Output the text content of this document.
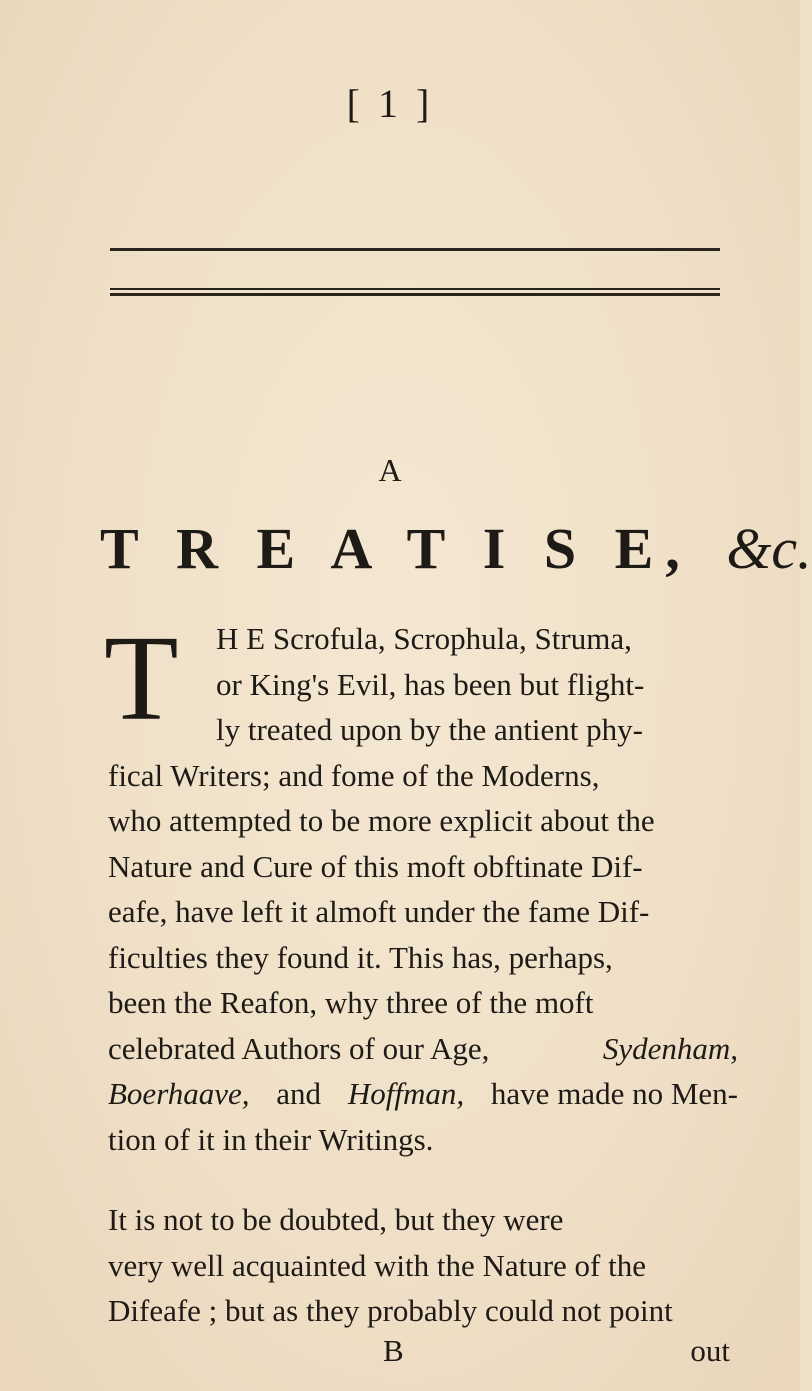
[ 1 ]
A
T R E A T I S E, &c.
T	H E Scrofula, Scrophula, Struma,
or King's Evil, has been but flight-
ly treated upon by the antient phy-
fical Writers; and fome of the Moderns,
who attempted to be more explicit about the
Nature and Cure of this moft obftinate Dif-
eafe, have left it almoft under the fame Dif-
ficulties they found it. This has, perhaps,
been the Reafon, why three of the moft
celebrated Authors of our Age,	Sydenham,
Boerhaave, and Hoffman, have made no Men-
tion of it in their Writings.
It is not to be doubted, but they were
very well acquainted with the Nature of the
Difeafe ; but as they probably could not point
B	out
